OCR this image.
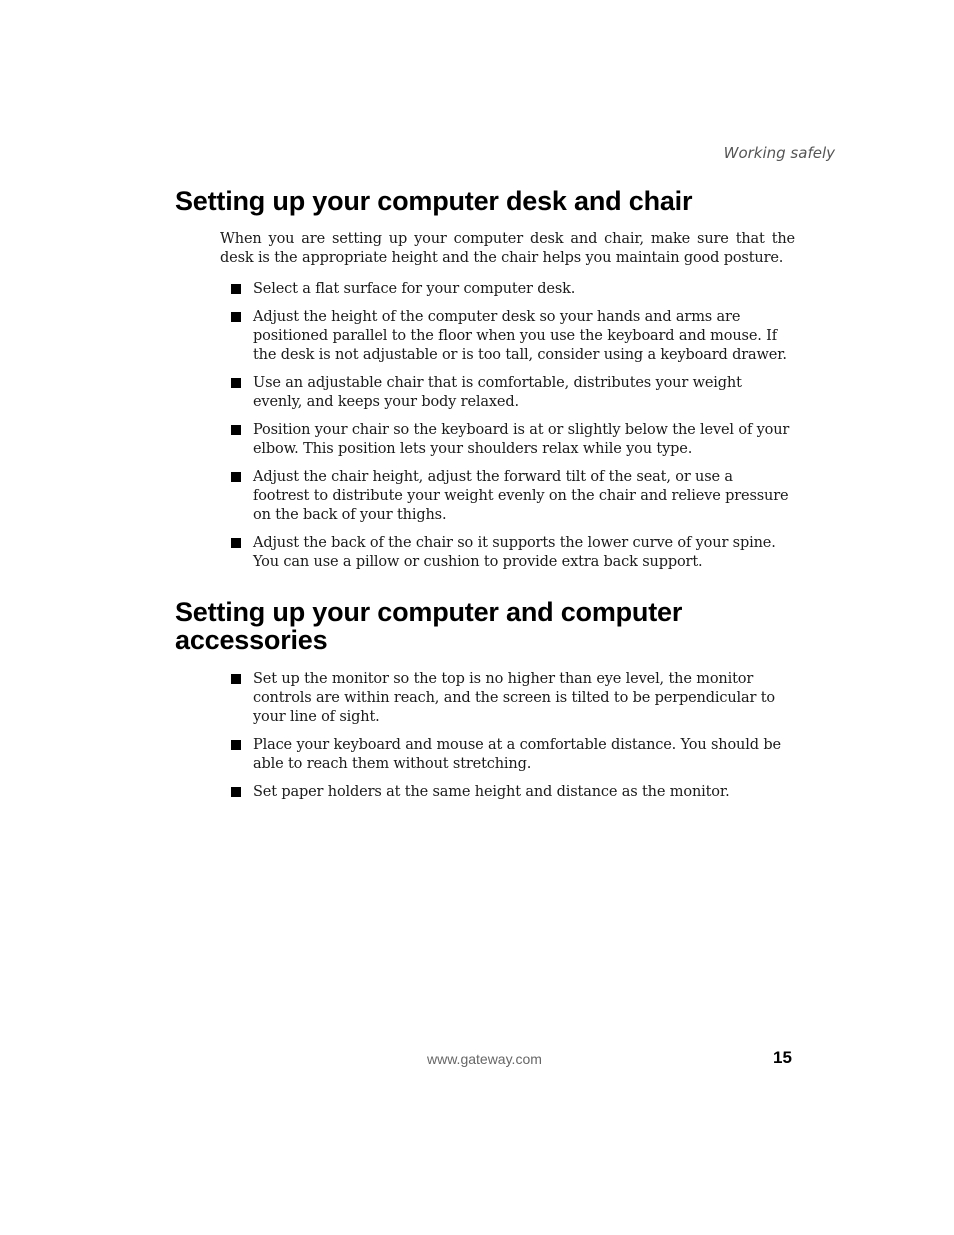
Working safely
Setting up your computer desk and chair

When you are setting up your computer desk and chair, make sure that the desk is the appropriate height and the chair helps you maintain good posture.

Select a flat surface for your computer desk.
Adjust the height of the computer desk so your hands and arms are positioned parallel to the floor when you use the keyboard and mouse. If the desk is not adjustable or is too tall, consider using a keyboard drawer.
Use an adjustable chair that is comfortable, distributes your weight evenly, and keeps your body relaxed.
Position your chair so the keyboard is at or slightly below the level of your elbow. This position lets your shoulders relax while you type.
Adjust the chair height, adjust the forward tilt of the seat, or use a footrest to distribute your weight evenly on the chair and relieve pressure on the back of your thighs.
Adjust the back of the chair so it supports the lower curve of your spine. You can use a pillow or cushion to provide extra back support.
Setting up your computer and computer accessories
Set up the monitor so the top is no higher than eye level, the monitor controls are within reach, and the screen is tilted to be perpendicular to your line of sight.
Place your keyboard and mouse at a comfortable distance. You should be able to reach them without stretching.
Set paper holders at the same height and distance as the monitor.
www.gateway.com	15
